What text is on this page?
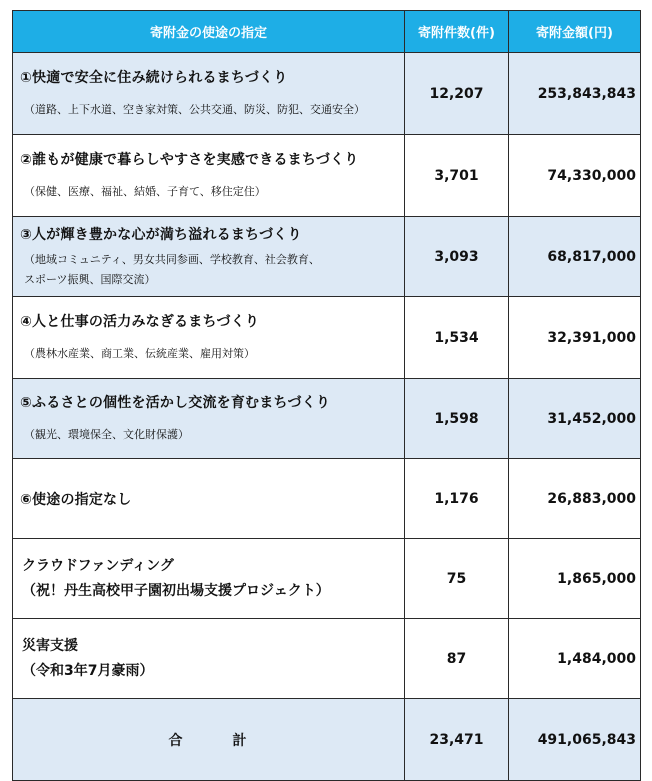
寄附金の使途の指定	寄附件数(件)	寄附金額(円)

①快適で安全に住み続けられるまちづくり
（道路、上下水道、空き家対策、公共交通、防災、防犯、交通安全）	12,207	253,843,843

②誰もが健康で暮らしやすさを実感できるまちづくり
（保健、医療、福祉、結婚、子育て、移住定住）	3,701	74,330,000

③人が輝き豊かな心が満ち溢れるまちづくり
（地域コミュニティ、男女共同参画、学校教育、社会教育、
スポーツ振興、国際交流）	3,093	68,817,000

④人と仕事の活力みなぎるまちづくり
（農林水産業、商工業、伝統産業、雇用対策）	1,534	32,391,000

⑤ふるさとの個性を活かし交流を育むまちづくり
（観光、環境保全、文化財保護）	1,598	31,452,000

⑥使途の指定なし	1,176	26,883,000

クラウドファンディング
（祝！丹生高校甲子園初出場支援プロジェクト）	75	1,865,000

災害支援
（令和3年7月豪雨）	87	1,484,000
合 計	23,471	491,065,843
